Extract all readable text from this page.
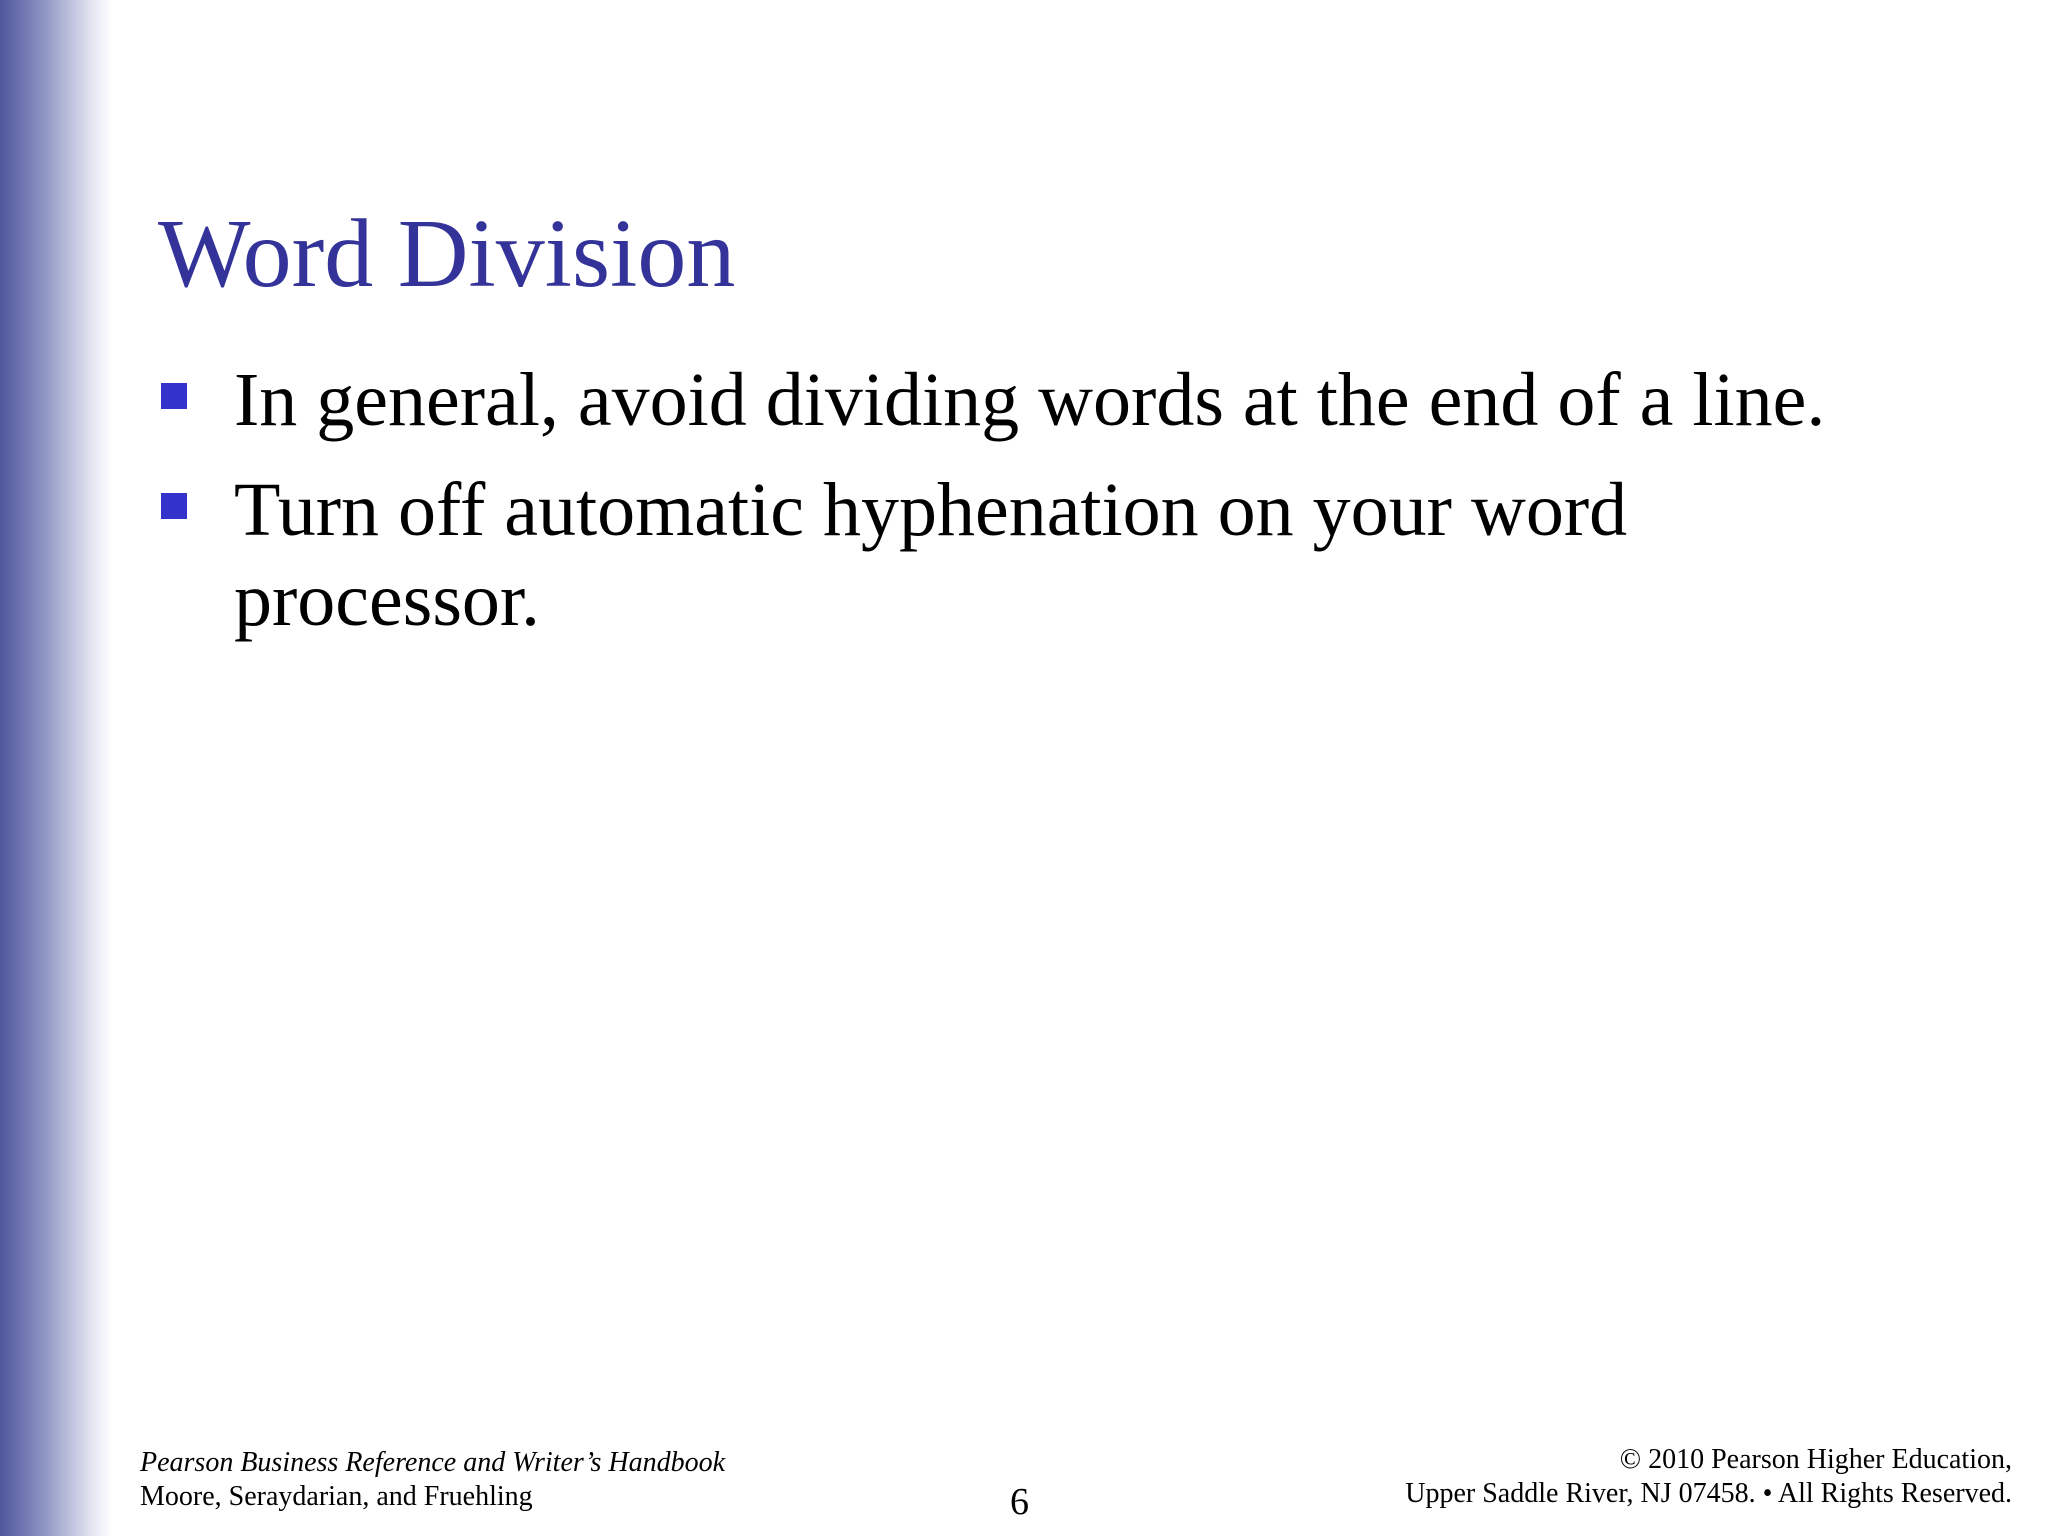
Word Division
In general, avoid dividing words at the end of a line.
Turn off automatic hyphenation on your word processor.
Pearson Business Reference and Writer’s Handbook
Moore, Seraydarian, and Fruehling	6
© 2010 Pearson Higher Education,
Upper Saddle River, NJ 07458. • All Rights Reserved.
